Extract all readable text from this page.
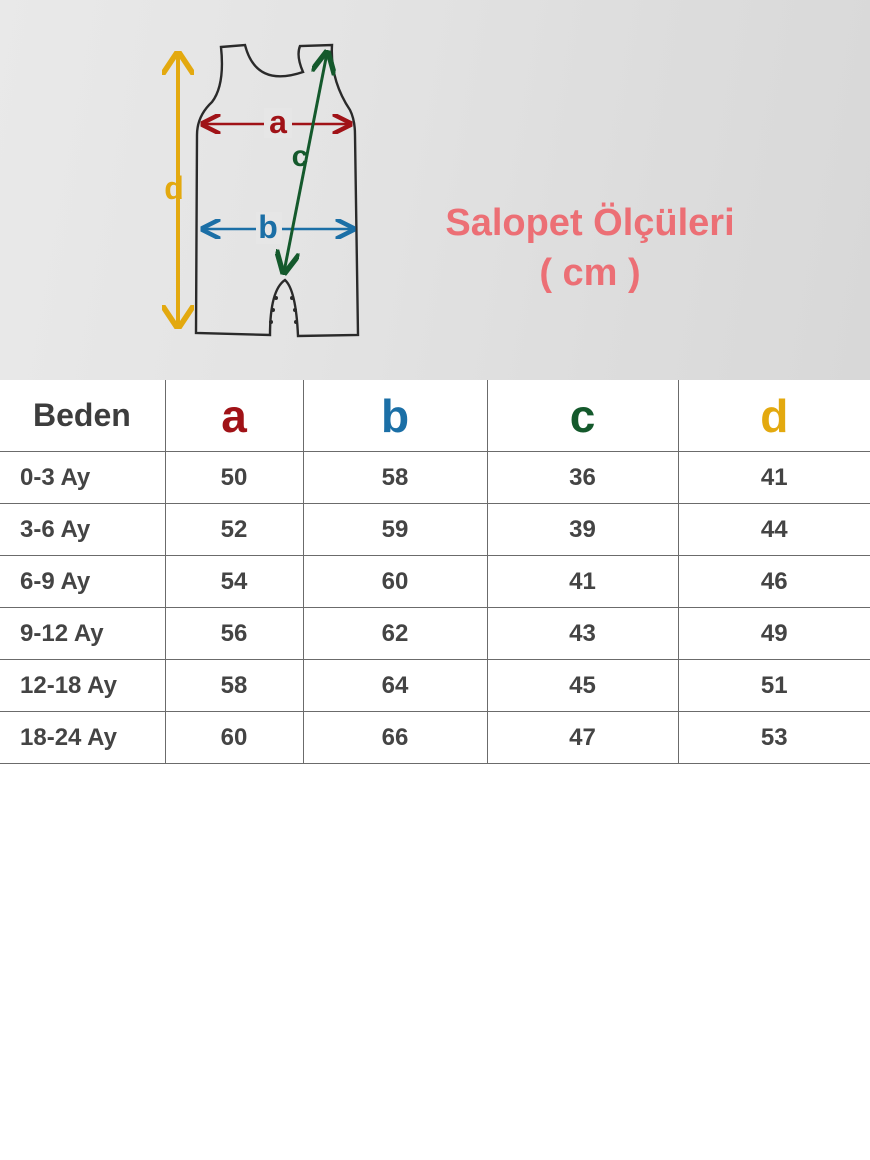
a
b
c
d
Salopet Ölçüleri
( cm )
Beden	a	b	c	d
0-3 Ay	50	58	36	41
3-6 Ay	52	59	39	44
6-9 Ay	54	60	41	46
9-12 Ay	56	62	43	49
12-18 Ay	58	64	45	51
18-24 Ay	60	66	47	53
